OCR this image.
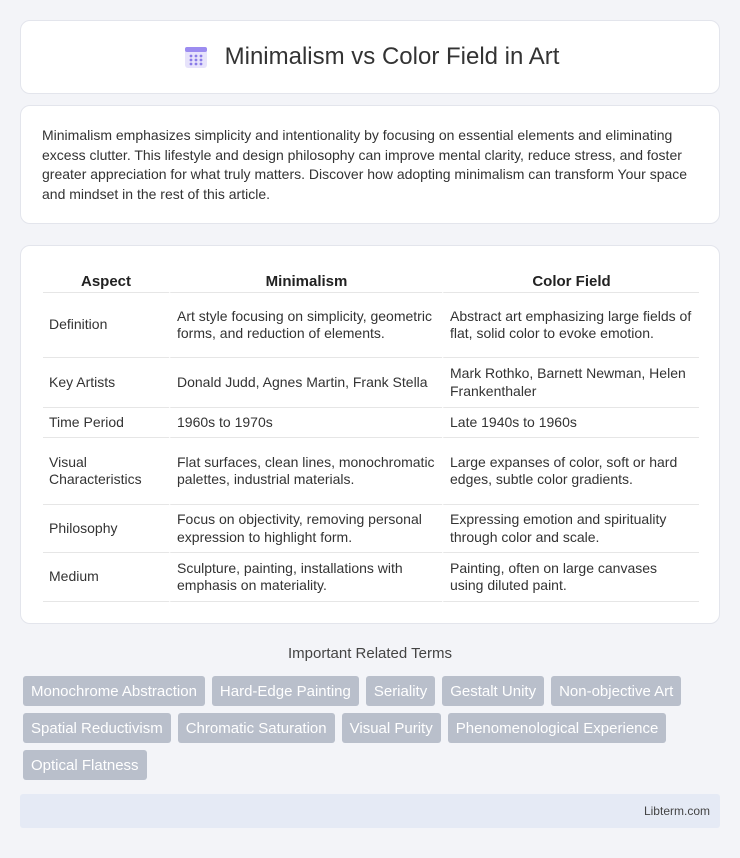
Minimalism vs Color Field in Art

Minimalism emphasizes simplicity and intentionality by focusing on essential elements and eliminating excess clutter. This lifestyle and design philosophy can improve mental clarity, reduce stress, and foster greater appreciation for what truly matters. Discover how adopting minimalism can transform Your space and mindset in the rest of this article.

Aspect	Minimalism	Color Field
Definition	Art style focusing on simplicity, geometric forms, and reduction of elements.	Abstract art emphasizing large fields of flat, solid color to evoke emotion.
Key Artists	Donald Judd, Agnes Martin, Frank Stella	Mark Rothko, Barnett Newman, Helen Frankenthaler
Time Period	1960s to 1970s	Late 1940s to 1960s
Visual Characteristics	Flat surfaces, clean lines, monochromatic palettes, industrial materials.	Large expanses of color, soft or hard edges, subtle color gradients.
Philosophy	Focus on objectivity, removing personal expression to highlight form.	Expressing emotion and spirituality through color and scale.
Medium	Sculpture, painting, installations with emphasis on materiality.	Painting, often on large canvases using diluted paint.
Important Related Terms
Monochrome Abstraction	Hard-Edge Painting	Seriality	Gestalt Unity	Non-objective Art
Spatial Reductivism	Chromatic Saturation	Visual Purity	Phenomenological Experience
Optical Flatness
Libterm.com
